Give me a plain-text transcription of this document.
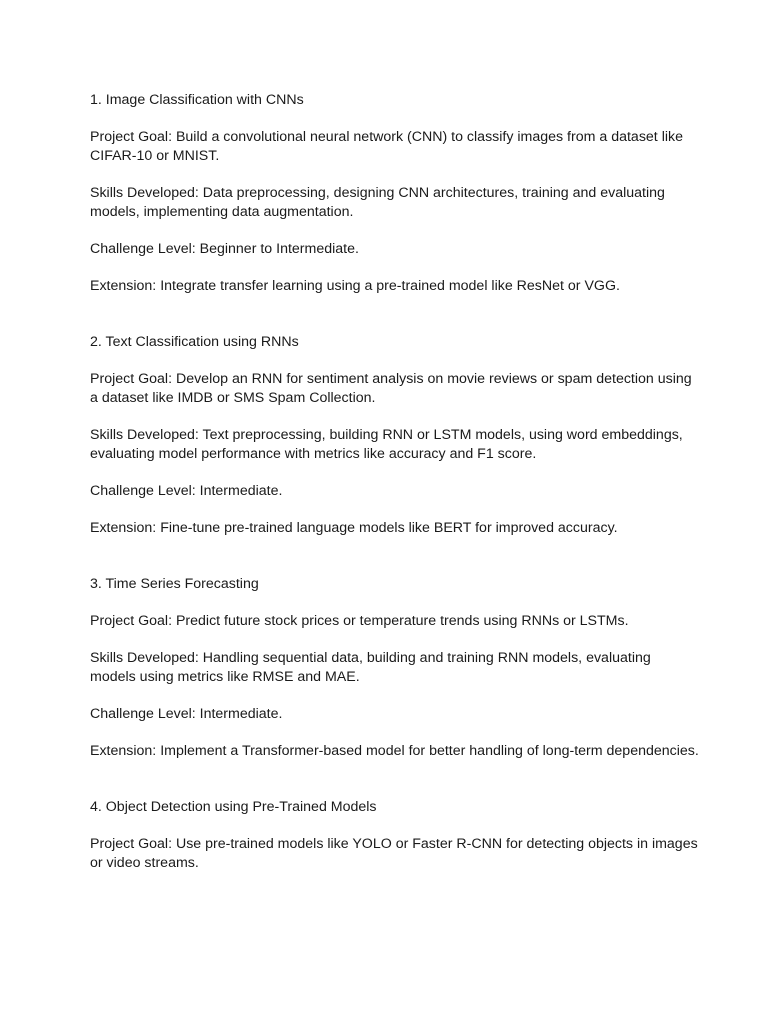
1. Image Classification with CNNs

Project Goal: Build a convolutional neural network (CNN) to classify images from a dataset like CIFAR-10 or MNIST.

Skills Developed: Data preprocessing, designing CNN architectures, training and evaluating models, implementing data augmentation.

Challenge Level: Beginner to Intermediate.

Extension: Integrate transfer learning using a pre-trained model like ResNet or VGG.

2. Text Classification using RNNs

Project Goal: Develop an RNN for sentiment analysis on movie reviews or spam detection using a dataset like IMDB or SMS Spam Collection.

Skills Developed: Text preprocessing, building RNN or LSTM models, using word embeddings, evaluating model performance with metrics like accuracy and F1 score.

Challenge Level: Intermediate.

Extension: Fine-tune pre-trained language models like BERT for improved accuracy.

3. Time Series Forecasting

Project Goal: Predict future stock prices or temperature trends using RNNs or LSTMs.

Skills Developed: Handling sequential data, building and training RNN models, evaluating models using metrics like RMSE and MAE.

Challenge Level: Intermediate.

Extension: Implement a Transformer-based model for better handling of long-term dependencies.

4. Object Detection using Pre-Trained Models

Project Goal: Use pre-trained models like YOLO or Faster R-CNN for detecting objects in images or video streams.
